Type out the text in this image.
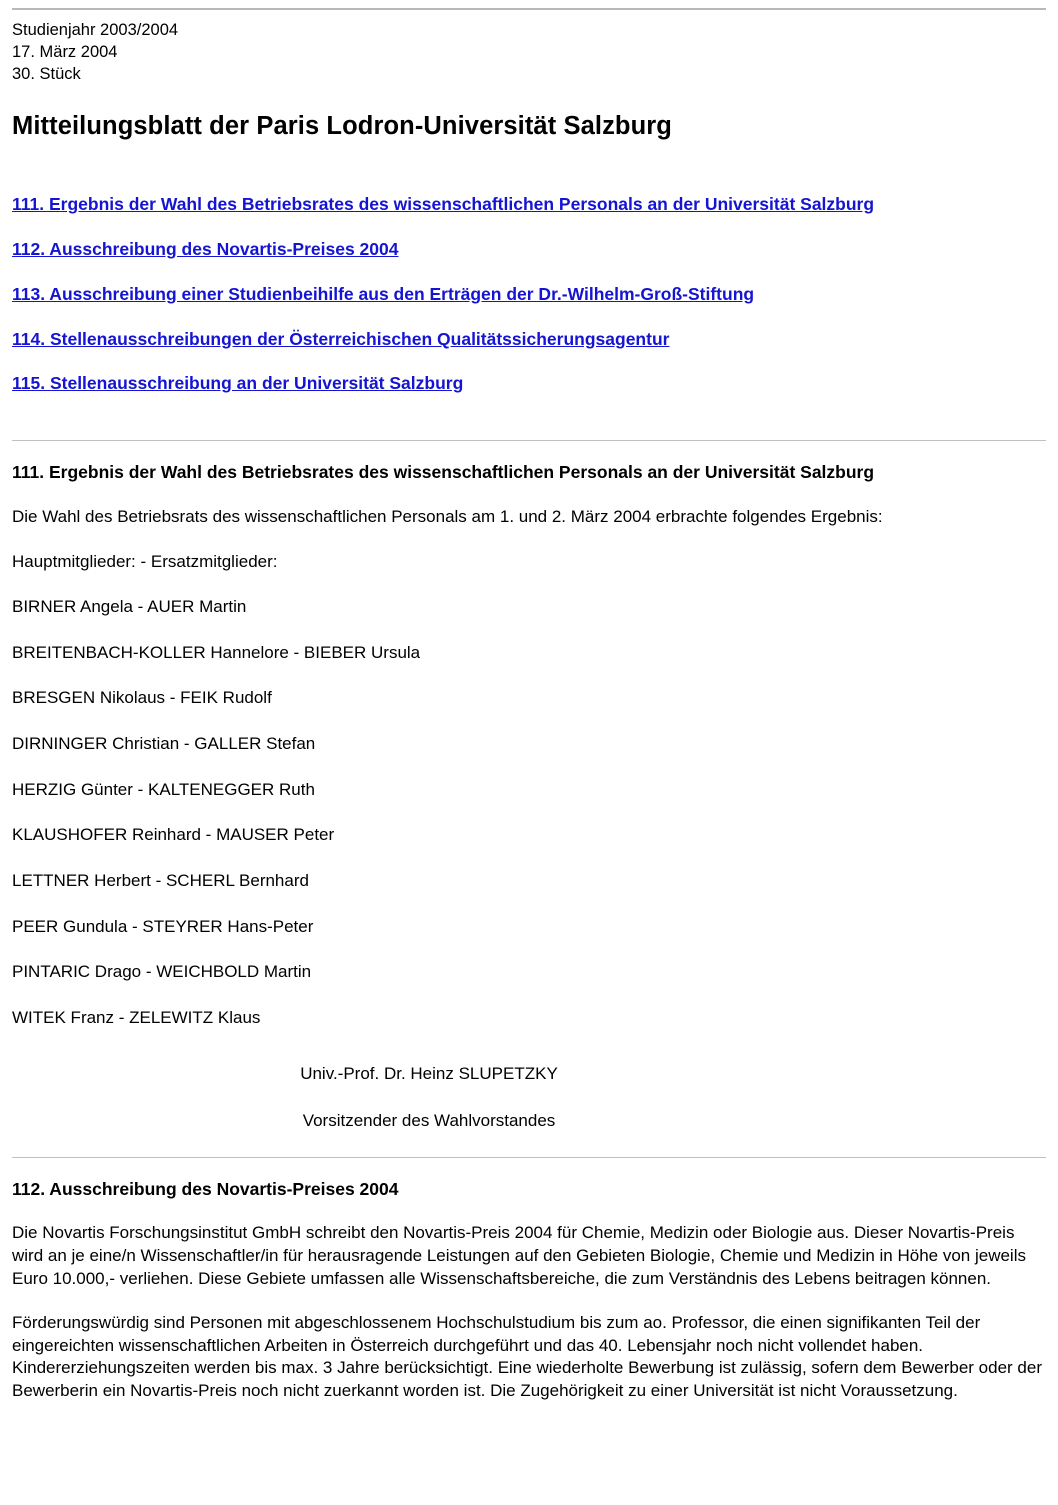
Studienjahr 2003/2004
17. März 2004
30. Stück
Mitteilungsblatt der Paris Lodron-Universität Salzburg
111. Ergebnis der Wahl des Betriebsrates des wissenschaftlichen Personals an der Universität Salzburg
112. Ausschreibung des Novartis-Preises 2004
113. Ausschreibung einer Studienbeihilfe aus den Erträgen der Dr.-Wilhelm-Groß-Stiftung
114. Stellenausschreibungen der Österreichischen Qualitätssicherungsagentur
115. Stellenausschreibung an der Universität Salzburg
111. Ergebnis der Wahl des Betriebsrates des wissenschaftlichen Personals an der Universität Salzburg

Die Wahl des Betriebsrats des wissenschaftlichen Personals am 1. und 2. März 2004 erbrachte folgendes Ergebnis:

Hauptmitglieder: - Ersatzmitglieder:

BIRNER Angela - AUER Martin

BREITENBACH-KOLLER Hannelore - BIEBER Ursula

BRESGEN Nikolaus - FEIK Rudolf

DIRNINGER Christian - GALLER Stefan

HERZIG Günter - KALTENEGGER Ruth

KLAUSHOFER Reinhard - MAUSER Peter

LETTNER Herbert - SCHERL Bernhard

PEER Gundula - STEYRER Hans-Peter

PINTARIC Drago - WEICHBOLD Martin

WITEK Franz - ZELEWITZ Klaus

Univ.-Prof. Dr. Heinz SLUPETZKY

Vorsitzender des Wahlvorstandes

112. Ausschreibung des Novartis-Preises 2004

Die Novartis Forschungsinstitut GmbH schreibt den Novartis-Preis 2004 für Chemie, Medizin oder Biologie aus. Dieser Novartis-Preis wird an je eine/n Wissenschaftler/in für herausragende Leistungen auf den Gebieten Biologie, Chemie und Medizin in Höhe von jeweils Euro 10.000,- verliehen. Diese Gebiete umfassen alle Wissenschaftsbereiche, die zum Verständnis des Lebens beitragen können.

Förderungswürdig sind Personen mit abgeschlossenem Hochschulstudium bis zum ao. Professor, die einen signifikanten Teil der eingereichten wissenschaftlichen Arbeiten in Österreich durchgeführt und das 40. Lebensjahr noch nicht vollendet haben. Kindererziehungszeiten werden bis max. 3 Jahre berücksichtigt. Eine wiederholte Bewerbung ist zulässig, sofern dem Bewerber oder der Bewerberin ein Novartis-Preis noch nicht zuerkannt worden ist. Die Zugehörigkeit zu einer Universität ist nicht Voraussetzung.
